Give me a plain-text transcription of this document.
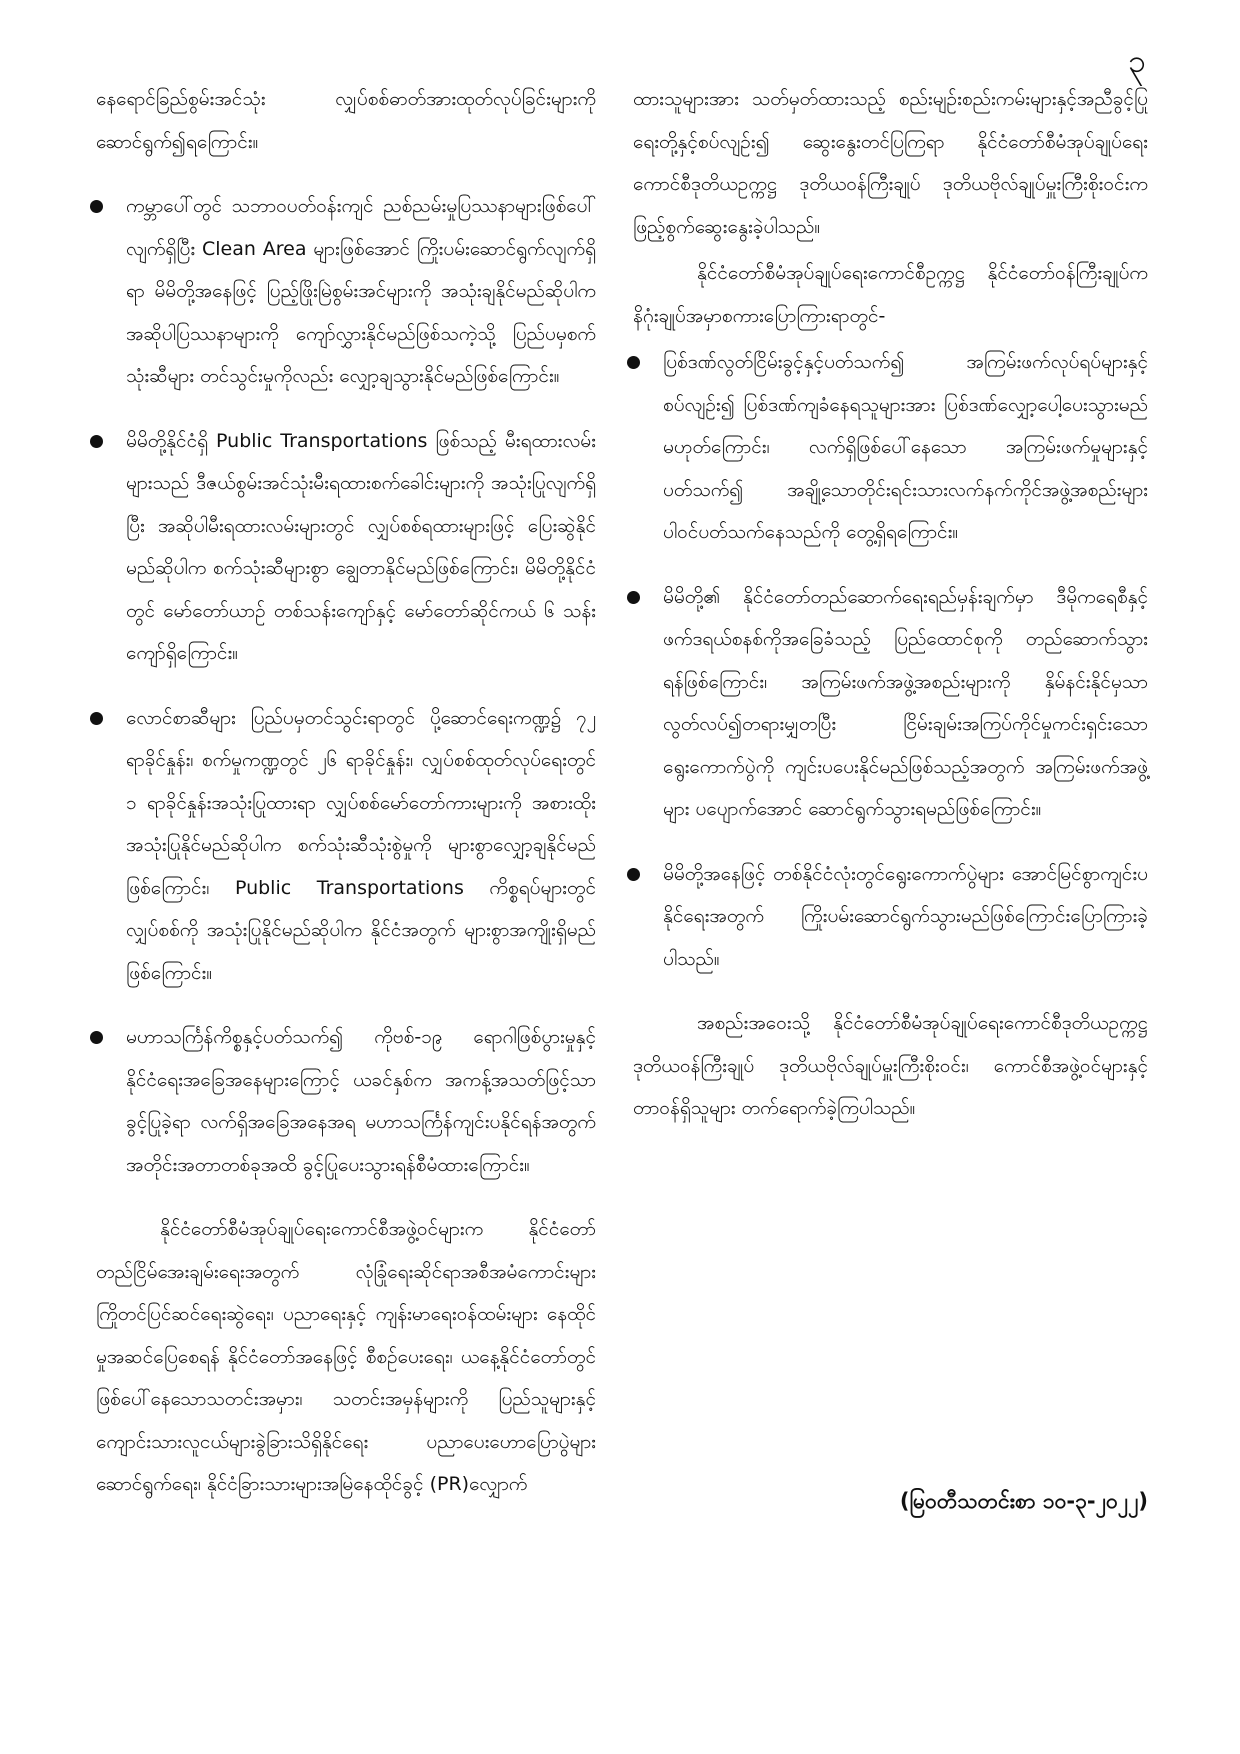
၃

နေရောင်ခြည်စွမ်းအင်သုံး လျှပ်စစ်ဓာတ်အားထုတ်လုပ်ခြင်းများကို ဆောင်ရွက်၍ရကြောင်း။

ကမ္ဘာပေါ်တွင် သဘာဝပတ်ဝန်းကျင် ညစ်ညမ်းမှုပြဿနာများဖြစ်ပေါ်လျက်ရှိပြီး Clean Area များဖြစ်အောင် ကြိုးပမ်းဆောင်ရွက်လျက်ရှိရာ မိမိတို့အနေဖြင့် ပြည့်ဖြိုးမြဲစွမ်းအင်များကို အသုံးချနိုင်မည်ဆိုပါက အဆိုပါပြဿနာများကို ကျော်လွှားနိုင်မည်ဖြစ်သကဲ့သို့ ပြည်ပမှစက်သုံးဆီများ တင်သွင်းမှုကိုလည်း လျှော့ချသွားနိုင်မည်ဖြစ်ကြောင်း။
မိမိတို့နိုင်ငံရှိ Public Transportations ဖြစ်သည့် မီးရထားလမ်းများသည် ဒီဇယ်စွမ်းအင်သုံးမီးရထားစက်ခေါင်းများကို အသုံးပြုလျက်ရှိပြီး အဆိုပါမီးရထားလမ်းများတွင် လျှပ်စစ်ရထားများဖြင့် ပြေးဆွဲနိုင်မည်ဆိုပါက စက်သုံးဆီများစွာ ချွေတာနိုင်မည်ဖြစ်ကြောင်း၊ မိမိတို့နိုင်ငံတွင် မော်တော်ယာဉ် တစ်သန်းကျော်နှင့် မော်တော်ဆိုင်ကယ် ၆ သန်းကျော်ရှိကြောင်း။
လောင်စာဆီများ ပြည်ပမှတင်သွင်းရာတွင် ပို့ဆောင်ရေးကဏ္ဍ၌ ၇၂ ရာခိုင်နှုန်း၊ စက်မှုကဏ္ဍတွင် ၂၆ ရာခိုင်နှုန်း၊ လျှပ်စစ်ထုတ်လုပ်ရေးတွင် ၁ ရာခိုင်နှုန်းအသုံးပြုထားရာ လျှပ်စစ်မော်တော်ကားများကို အစားထိုးအသုံးပြုနိုင်မည်ဆိုပါက စက်သုံးဆီသုံးစွဲမှုကို များစွာလျှော့ချနိုင်မည်ဖြစ်ကြောင်း၊ Public Transportations ကိစ္စရပ်များတွင် လျှပ်စစ်ကို အသုံးပြုနိုင်မည်ဆိုပါက နိုင်ငံအတွက် များစွာအကျိုးရှိမည်ဖြစ်ကြောင်း။
မဟာသင်္ကြန်ကိစ္စနှင့်ပတ်သက်၍ ကိုဗစ်-၁၉ ရောဂါဖြစ်ပွားမှုနှင့် နိုင်ငံရေးအခြေအနေများကြောင့် ယခင်နှစ်က အကန့်အသတ်ဖြင့်သာခွင့်ပြုခဲ့ရာ လက်ရှိအခြေအနေအရ မဟာသင်္ကြန်ကျင်းပနိုင်ရန်အတွက် အတိုင်းအတာတစ်ခုအထိ ခွင့်ပြုပေးသွားရန်စီမံထားကြောင်း။

နိုင်ငံတော်စီမံအုပ်ချုပ်ရေးကောင်စီအဖွဲ့ဝင်များက နိုင်ငံတော်တည်ငြိမ်အေးချမ်းရေးအတွက် လုံခြုံရေးဆိုင်ရာအစီအမံကောင်းများ ကြိုတင်ပြင်ဆင်ရေးဆွဲရေး၊ ပညာရေးနှင့် ကျန်းမာရေးဝန်ထမ်းများ နေထိုင်မှုအဆင်ပြေစေရန် နိုင်ငံတော်အနေဖြင့် စီစဉ်ပေးရေး၊ ယနေ့နိုင်ငံတော်တွင် ဖြစ်ပေါ်နေသောသတင်းအမှား၊ သတင်းအမှန်များကို ပြည်သူများနှင့် ကျောင်းသားလူငယ်များခွဲခြားသိရှိနိုင်ရေး ပညာပေးဟောပြောပွဲများဆောင်ရွက်ရေး၊ နိုင်ငံခြားသားများအမြဲနေထိုင်ခွင့် (PR)လျှောက်

ထားသူများအား သတ်မှတ်ထားသည့် စည်းမျဉ်းစည်းကမ်းများနှင့်အညီခွင့်ပြုရေးတို့နှင့်စပ်လျဉ်း၍ ဆွေးနွေးတင်ပြကြရာ နိုင်ငံတော်စီမံအုပ်ချုပ်ရေးကောင်စီဒုတိယဥက္ကဋ္ဌ ဒုတိယဝန်ကြီးချုပ် ဒုတိယဗိုလ်ချုပ်မှူးကြီးစိုးဝင်းက ဖြည့်စွက်ဆွေးနွေးခဲ့ပါသည်။

နိုင်ငံတော်စီမံအုပ်ချုပ်ရေးကောင်စီဥက္ကဋ္ဌ နိုင်ငံတော်ဝန်ကြီးချုပ်က နိဂုံးချုပ်အမှာစကားပြောကြားရာတွင်-

ပြစ်ဒဏ်လွတ်ငြိမ်းခွင့်နှင့်ပတ်သက်၍ အကြမ်းဖက်လုပ်ရပ်များနှင့်စပ်လျဉ်း၍ ပြစ်ဒဏ်ကျခံနေရသူများအား ပြစ်ဒဏ်လျှော့ပေါ့ပေးသွားမည်မဟုတ်ကြောင်း၊ လက်ရှိဖြစ်ပေါ်နေသော အကြမ်းဖက်မှုများနှင့်ပတ်သက်၍ အချို့သောတိုင်းရင်းသားလက်နက်ကိုင်အဖွဲ့အစည်းများ ပါဝင်ပတ်သက်နေသည်ကို တွေ့ရှိရကြောင်း။
မိမိတို့၏ နိုင်ငံတော်တည်ဆောက်ရေးရည်မှန်းချက်မှာ ဒီမိုကရေစီနှင့် ဖက်ဒရယ်စနစ်ကိုအခြေခံသည့် ပြည်ထောင်စုကို တည်ဆောက်သွားရန်ဖြစ်ကြောင်း၊ အကြမ်းဖက်အဖွဲ့အစည်းများကို နှိမ်နင်းနိုင်မှသာ လွတ်လပ်၍တရားမျှတပြီး ငြိမ်းချမ်းအကြပ်ကိုင်မှုကင်းရှင်းသော ရွေးကောက်ပွဲကို ကျင်းပပေးနိုင်မည်ဖြစ်သည့်အတွက် အကြမ်းဖက်အဖွဲ့များ ပပျောက်အောင် ဆောင်ရွက်သွားရမည်ဖြစ်ကြောင်း။
မိမိတို့အနေဖြင့် တစ်နိုင်ငံလုံးတွင်ရွေးကောက်ပွဲများ အောင်မြင်စွာကျင်းပနိုင်ရေးအတွက် ကြိုးပမ်းဆောင်ရွက်သွားမည်ဖြစ်ကြောင်းပြောကြားခဲ့ပါသည်။

အစည်းအဝေးသို့ နိုင်ငံတော်စီမံအုပ်ချုပ်ရေးကောင်စီဒုတိယဥက္ကဋ္ဌ ဒုတိယဝန်ကြီးချုပ် ဒုတိယဗိုလ်ချုပ်မှူးကြီးစိုးဝင်း၊ ကောင်စီအဖွဲ့ဝင်များနှင့် တာဝန်ရှိသူများ တက်ရောက်ခဲ့ကြပါသည်။

(မြဝတီသတင်းစာ ၁၀-၃-၂၀၂၂)
